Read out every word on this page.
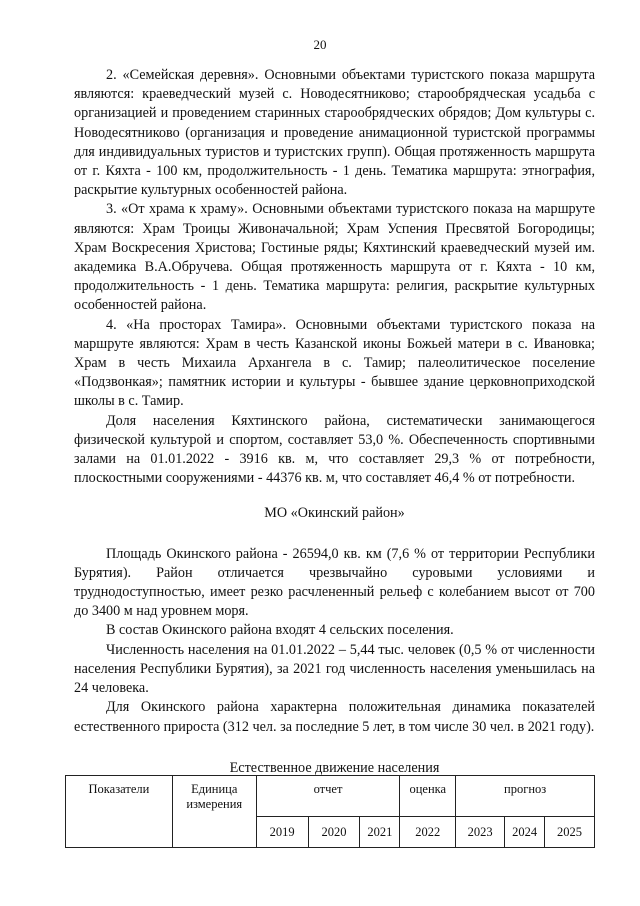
20

2. «Семейская деревня». Основными объектами туристского показа маршрута являются: краеведческий музей с. Новодесятниково; старообрядческая усадьба с организацией и проведением старинных старообрядческих обрядов; Дом культуры с. Новодесятниково (организация и проведение анимационной туристской программы для индивидуальных туристов и туристских групп). Общая протяженность маршрута от г. Кяхта - 100 км, продолжительность - 1 день. Тематика маршрута: этнография, раскрытие культурных особенностей района.

3. «От храма к храму». Основными объектами туристского показа на маршруте являются: Храм Троицы Живоначальной; Храм Успения Пресвятой Богородицы; Храм Воскресения Христова; Гостиные ряды; Кяхтинский краеведческий музей им. академика В.А.Обручева. Общая протяженность маршрута от г. Кяхта - 10 км, продолжительность - 1 день. Тематика маршрута: религия, раскрытие культурных особенностей района.

4. «На просторах Тамира». Основными объектами туристского показа на маршруте являются: Храм в честь Казанской иконы Божьей матери в с. Ивановка; Храм в честь Михаила Архангела в с. Тамир; палеолитическое поселение «Подзвонкая»; памятник истории и культуры - бывшее здание церковноприходской школы в с. Тамир.

Доля населения Кяхтинского района, систематически занимающегося физической культурой и спортом, составляет 53,0 %. Обеспеченность спортивными залами на 01.01.2022 - 3916 кв. м, что составляет 29,3 % от потребности, плоскостными сооружениями - 44376 кв. м, что составляет 46,4 % от потребности.

МО «Окинский район»

Площадь Окинского района - 26594,0 кв. км (7,6 % от территории Республики Бурятия). Район отличается чрезвычайно суровыми условиями и труднодоступностью, имеет резко расчлененный рельеф с колебанием высот от 700 до 3400 м над уровнем моря.

В состав Окинского района входят 4 сельских поселения.

Численность населения на 01.01.2022 – 5,44 тыс. человек (0,5 % от численности населения Республики Бурятия), за 2021 год численность населения уменьшилась на 24 человека.

Для Окинского района характерна положительная динамика показателей естественного прироста (312 чел. за последние 5 лет, в том числе 30 чел. в 2021 году).

Естественное движение населения
Показатели	Единица измерения	отчет			оценка	прогноз		
		2019	2020	2021	2022	2023	2024	2025
